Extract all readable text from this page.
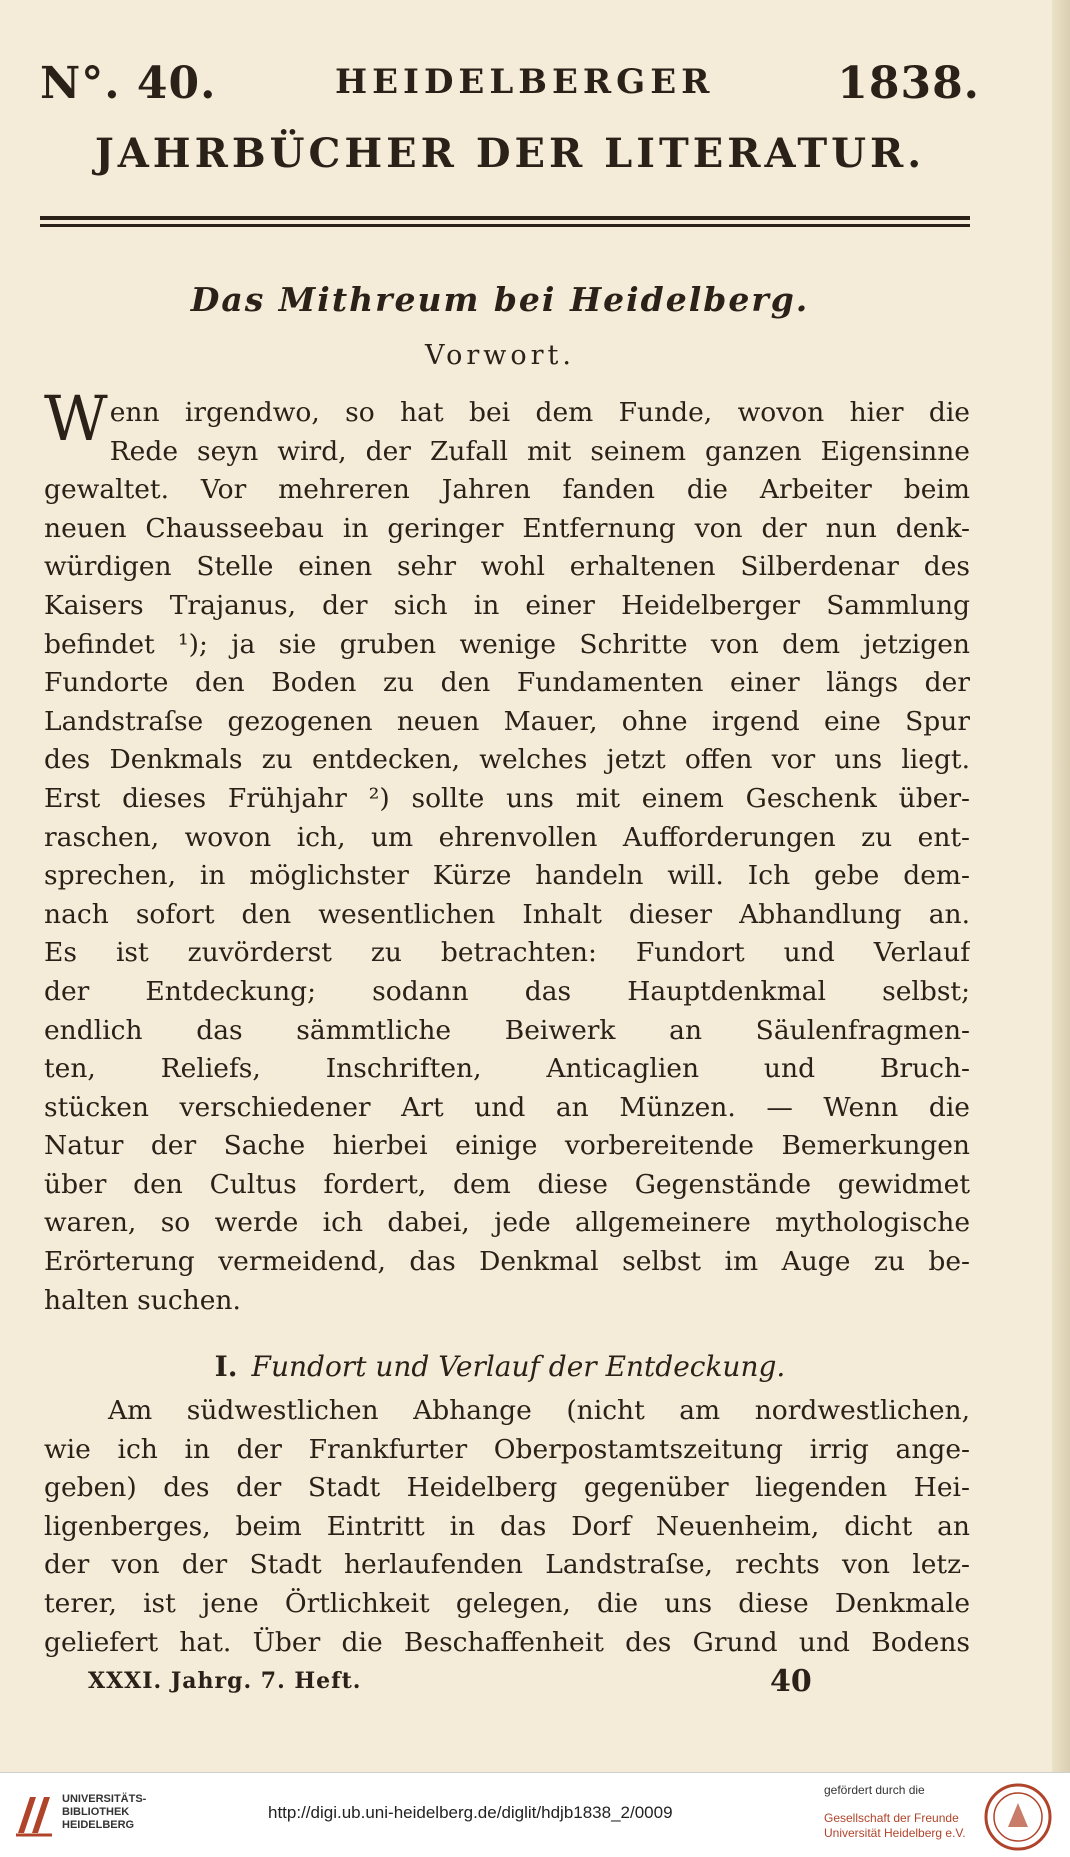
N°. 40.	HEIDELBERGER	1838.
JAHRBÜCHER DER LITERATUR.
Das Mithreum bei Heidelberg.
Vorwort.
W enn irgendwo, so hat bei dem Funde, wovon hier die
Rede seyn wird, der Zufall mit seinem ganzen Eigensinne
gewaltet. Vor mehreren Jahren fanden die Arbeiter beim
neuen Chausseebau in geringer Entfernung von der nun denk-
würdigen Stelle einen sehr wohl erhaltenen Silberdenar des
Kaisers Trajanus, der sich in einer Heidelberger Sammlung
befindet ¹); ja sie gruben wenige Schritte von dem jetzigen
Fundorte den Boden zu den Fundamenten einer längs der
Landstraſse gezogenen neuen Mauer, ohne irgend eine Spur
des Denkmals zu entdecken, welches jetzt offen vor uns liegt.
Erst dieses Frühjahr ²) sollte uns mit einem Geschenk über-
raschen, wovon ich, um ehrenvollen Aufforderungen zu ent-
sprechen, in möglichster Kürze handeln will. Ich gebe dem-
nach sofort den wesentlichen Inhalt dieser Abhandlung an.
Es ist zuvörderst zu betrachten: Fundort und Verlauf
der Entdeckung; sodann das Hauptdenkmal selbst;
endlich das sämmtliche Beiwerk an Säulenfragmen-
ten, Reliefs, Inschriften, Anticaglien und Bruch-
stücken verschiedener Art und an Münzen. — Wenn die
Natur der Sache hierbei einige vorbereitende Bemerkungen
über den Cultus fordert, dem diese Gegenstände gewidmet
waren, so werde ich dabei, jede allgemeinere mythologische
Erörterung vermeidend, das Denkmal selbst im Auge zu be-
halten suchen.
I. Fundort und Verlauf der Entdeckung.
Am südwestlichen Abhange (nicht am nordwestlichen,
wie ich in der Frankfurter Oberpostamtszeitung irrig ange-
geben) des der Stadt Heidelberg gegenüber liegenden Hei-
ligenberges, beim Eintritt in das Dorf Neuenheim, dicht an
der von der Stadt herlaufenden Landstraſse, rechts von letz-
terer, ist jene Örtlichkeit gelegen, die uns diese Denkmale
geliefert hat. Über die Beschaffenheit des Grund und Bodens
XXXI. Jahrg. 7. Heft.	40
UNIVERSITÄTS-
BIBLIOTHEK
HEIDELBERG
http://digi.ub.uni-heidelberg.de/diglit/hdjb1838_2/0009
gefördert durch die
Gesellschaft der Freunde
Universität Heidelberg e.V.
